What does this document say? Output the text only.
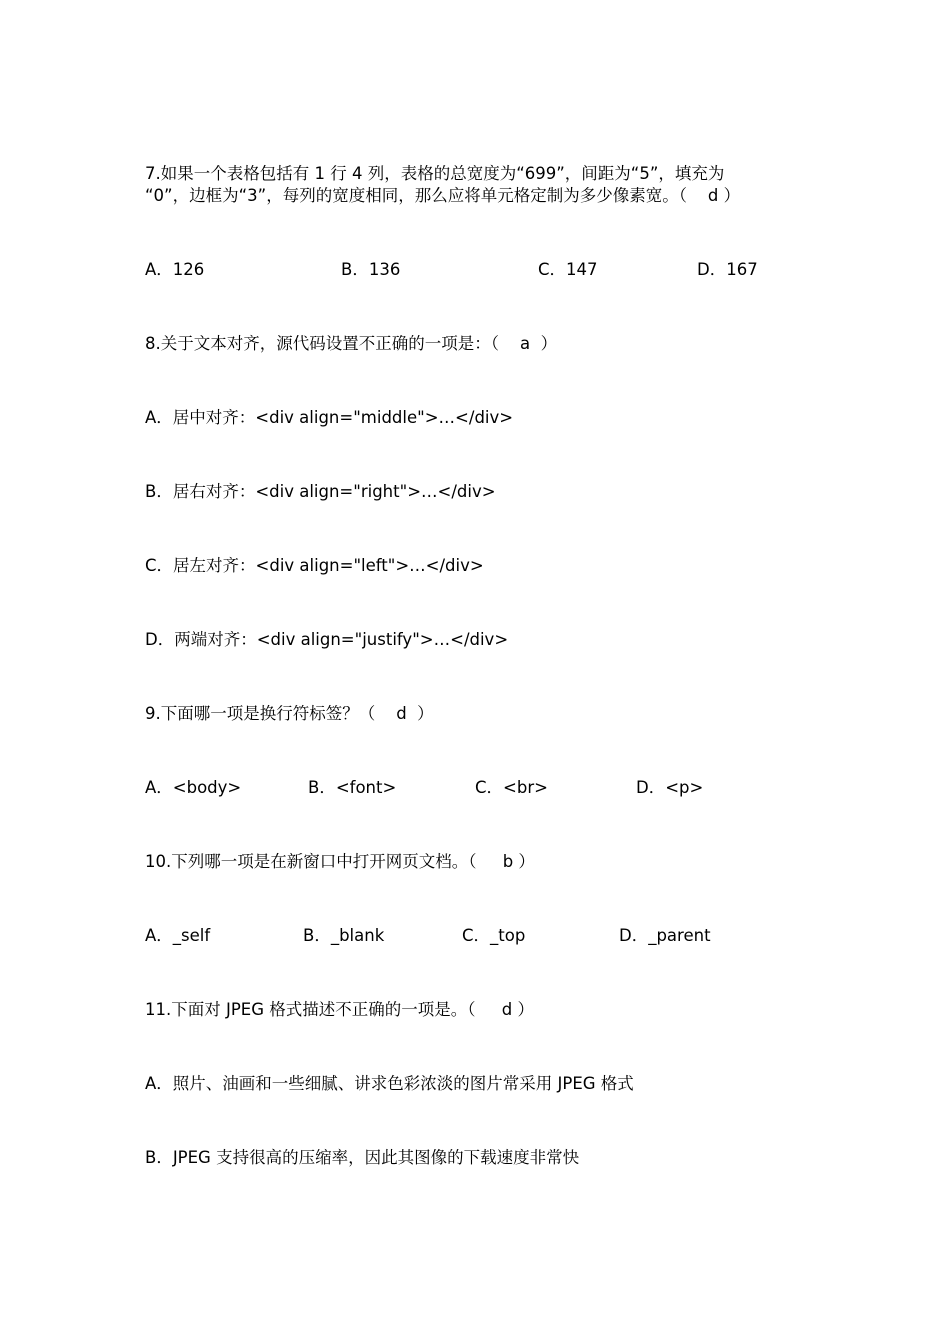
7.如果一个表格包括有 1 行 4 列，表格的总宽度为“699”，间距为“5”，填充为
“0”，边框为“3”，每列的宽度相同，那么应将单元格定制为多少像素宽。（    d ）
A．126	B．136	C．147	D．167
8.关于文本对齐，源代码设置不正确的一项是：（    a  ）
A．居中对齐：<div align="middle">…</div>
B．居右对齐：<div align="right">…</div>
C．居左对齐：<div align="left">…</div>
D．两端对齐：<div align="justify">…</div>
9.下面哪一项是换行符标签？（    d  ）
A．<body>	B．<font>	C．<br>	D．<p>
10.下列哪一项是在新窗口中打开网页文档。（     b ）
A．_self	B．_blank	C．_top	D．_parent
11.下面对 JPEG 格式描述不正确的一项是。（     d ）
A．照片、油画和一些细腻、讲求色彩浓淡的图片常采用 JPEG 格式
B．JPEG 支持很高的压缩率，因此其图像的下载速度非常快
